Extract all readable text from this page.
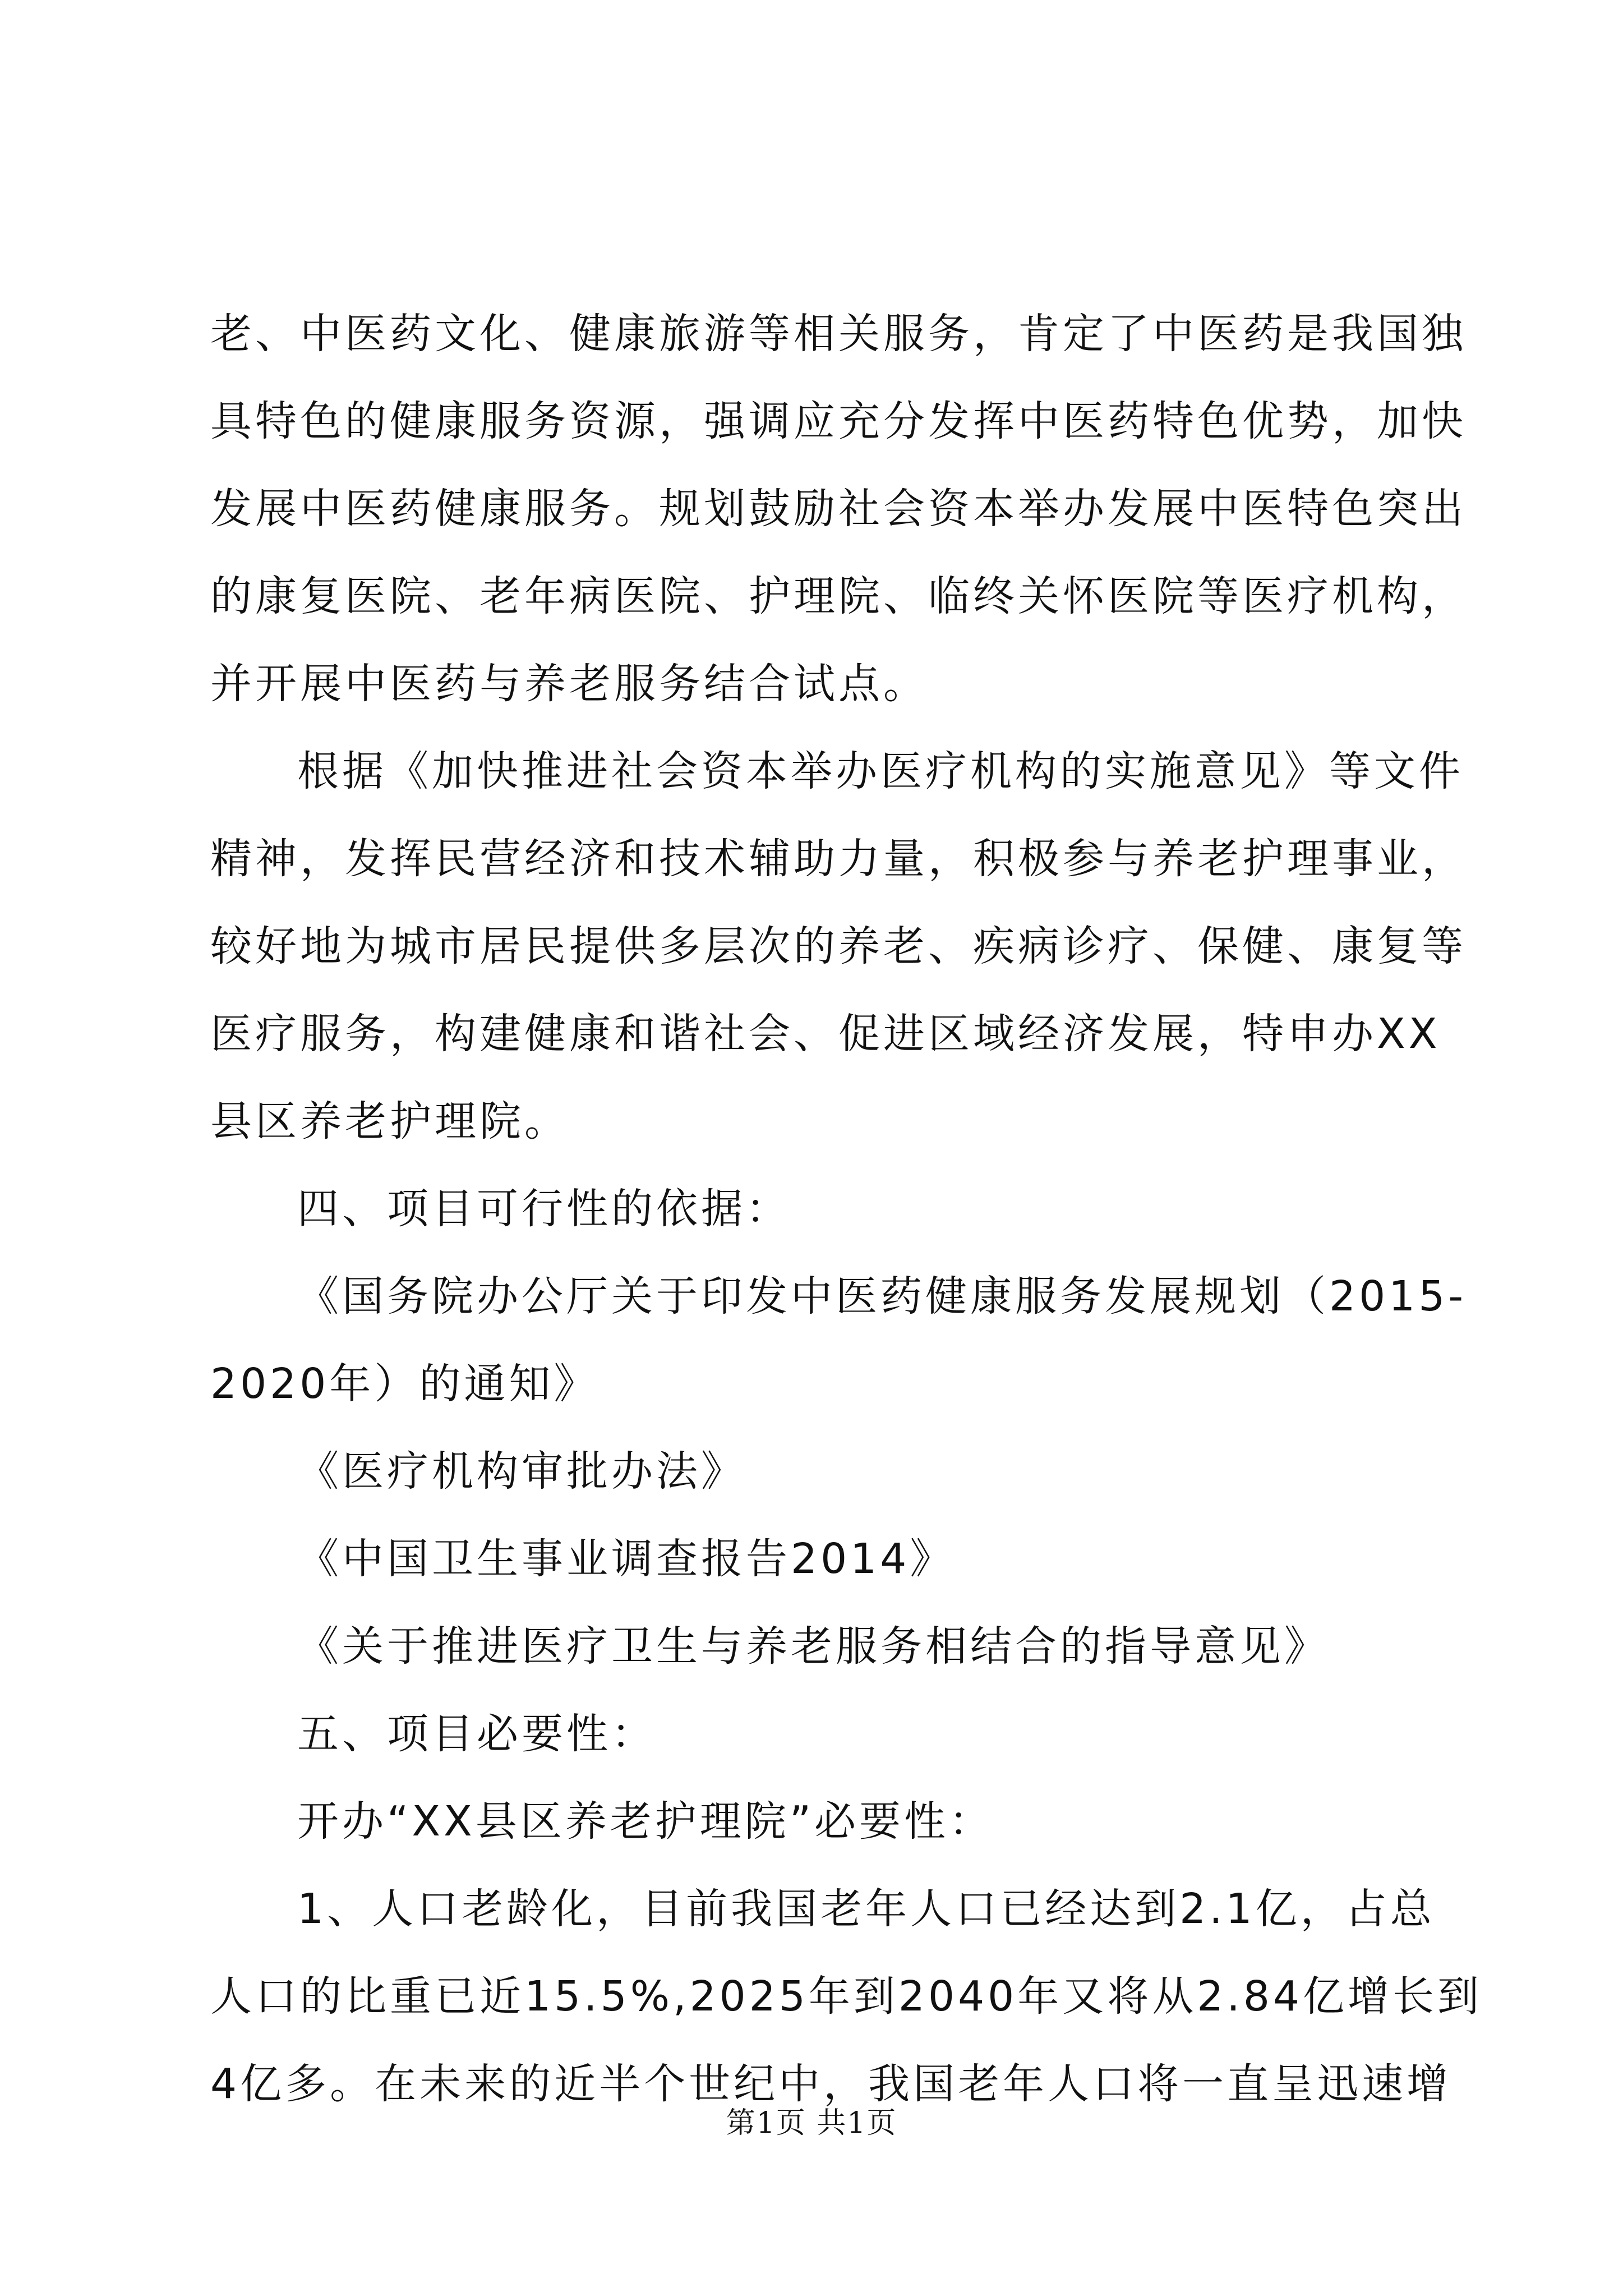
老、中医药文化、健康旅游等相关服务，肯定了中医药是我国独

具特色的健康服务资源，强调应充分发挥中医药特色优势，加快

发展中医药健康服务。规划鼓励社会资本举办发展中医特色突出

的康复医院、老年病医院、护理院、临终关怀医院等医疗机构，

并开展中医药与养老服务结合试点。

根据《加快推进社会资本举办医疗机构的实施意见》等文件

精神，发挥民营经济和技术辅助力量，积极参与养老护理事业，

较好地为城市居民提供多层次的养老、疾病诊疗、保健、康复等

医疗服务，构建健康和谐社会、促进区域经济发展，特申办XX

县区养老护理院。

四、项目可行性的依据：

《国务院办公厅关于印发中医药健康服务发展规划（2015-

2020年）的通知》

《医疗机构审批办法》

《中国卫生事业调查报告2014》

《关于推进医疗卫生与养老服务相结合的指导意见》

五、项目必要性：

开办“XX县区养老护理院”必要性：

1、人口老龄化，目前我国老年人口已经达到2.1亿，占总

人口的比重已近15.5%,2025年到2040年又将从2.84亿增长到

4亿多。在未来的近半个世纪中，我国老年人口将一直呈迅速增

第1页 共1页
